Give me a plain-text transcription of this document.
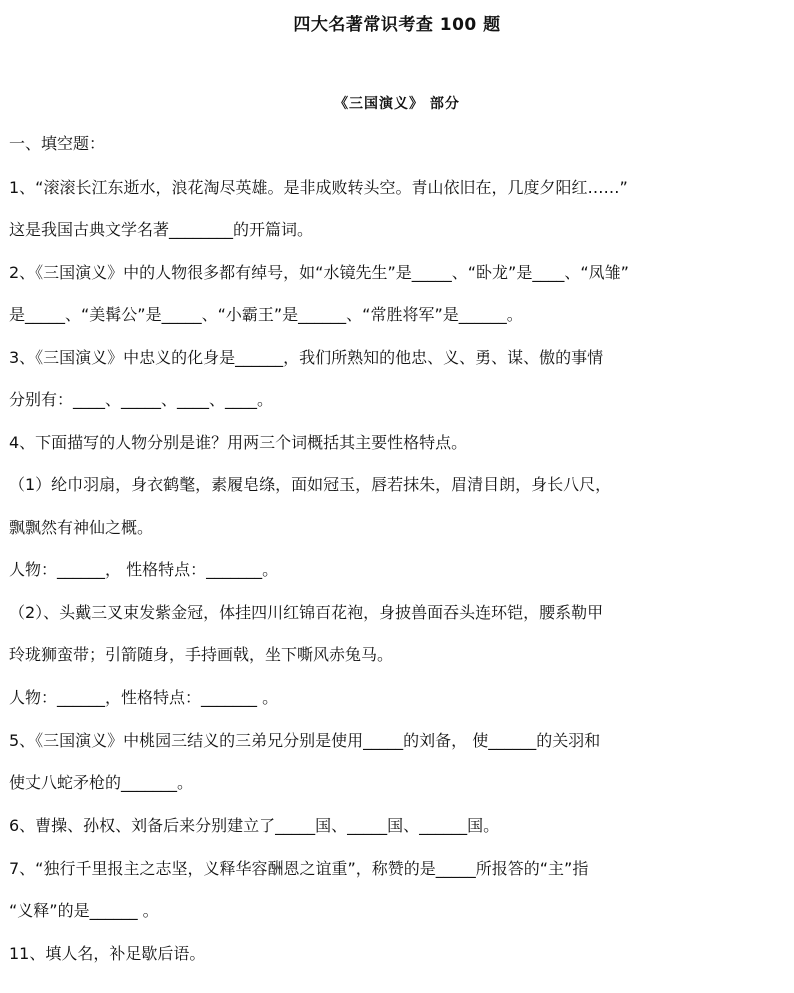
四大名著常识考查 100 题
《三国演义》 部分
一、填空题：
1、“滚滚长江东逝水，浪花淘尽英雄。是非成败转头空。青山依旧在，几度夕阳红……”
这是我国古典文学名著________的开篇词。
2、《三国演义》中的人物很多都有绰号，如“水镜先生”是_____、“卧龙”是____、“凤雏”
是_____、“美髯公”是_____、“小霸王”是______、“常胜将军”是______。
3、《三国演义》中忠义的化身是______，我们所熟知的他忠、义、勇、谋、傲的事情
分别有：____、_____、____、____。
4、下面描写的人物分别是谁？用两三个词概括其主要性格特点。
（1）纶巾羽扇，身衣鹤氅，素履皂绦，面如冠玉，唇若抹朱，眉清目朗，身长八尺，
飘飘然有神仙之概。
人物：______， 性格特点：_______。
（2）、头戴三叉束发紫金冠，体挂四川红锦百花袍，身披兽面吞头连环铠，腰系勒甲
玲珑狮蛮带；引箭随身，手持画戟，坐下嘶风赤兔马。
人物：______，性格特点：_______ 。
5、《三国演义》中桃园三结义的三弟兄分别是使用_____的刘备， 使______的关羽和
使丈八蛇矛枪的_______。
6、曹操、孙权、刘备后来分别建立了_____国、_____国、______国。
7、“独行千里报主之志坚，义释华容酬恩之谊重”，称赞的是_____所报答的“主”指
“义释”的是______ 。
11、填人名，补足歇后语。
